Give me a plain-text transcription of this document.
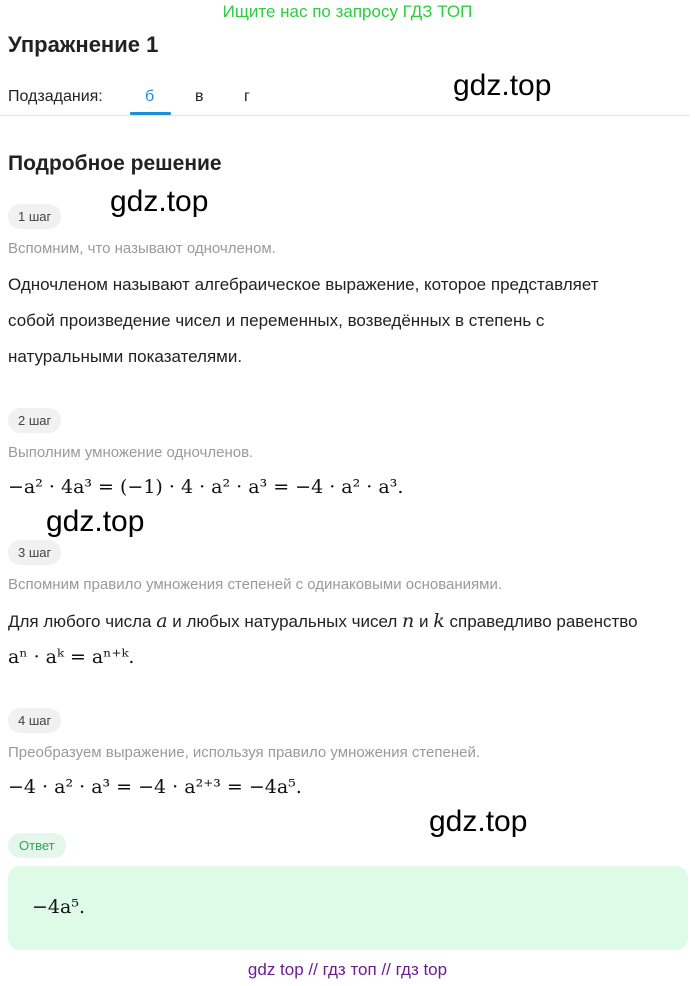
Ищите нас по запросу ГДЗ ТОП
Упражнение 1
Подзадания:	б	в	г	gdz.top
Подробное решение
gdz.top
1 шаг
Вспомним, что называют одночленом.
Одночленом называют алгебраическое выражение, которое представляет
собой произведение чисел и переменных, возведённых в степень с
натуральными показателями.
2 шаг
Выполним умножение одночленов.
−a² · 4a³ = (−1) · 4 · a² · a³ = −4 · a² · a³.
gdz.top
3 шаг
Вспомним правило умножения степеней с одинаковыми основаниями.
Для любого числа a и любых натуральных чисел n и k справедливо равенство
aⁿ · aᵏ = aⁿ⁺ᵏ.
4 шаг
Преобразуем выражение, используя правило умножения степеней.
−4 · a² · a³ = −4 · a²⁺³ = −4a⁵.
gdz.top
Ответ
−4a⁵.
gdz top // гдз топ // гдз top
